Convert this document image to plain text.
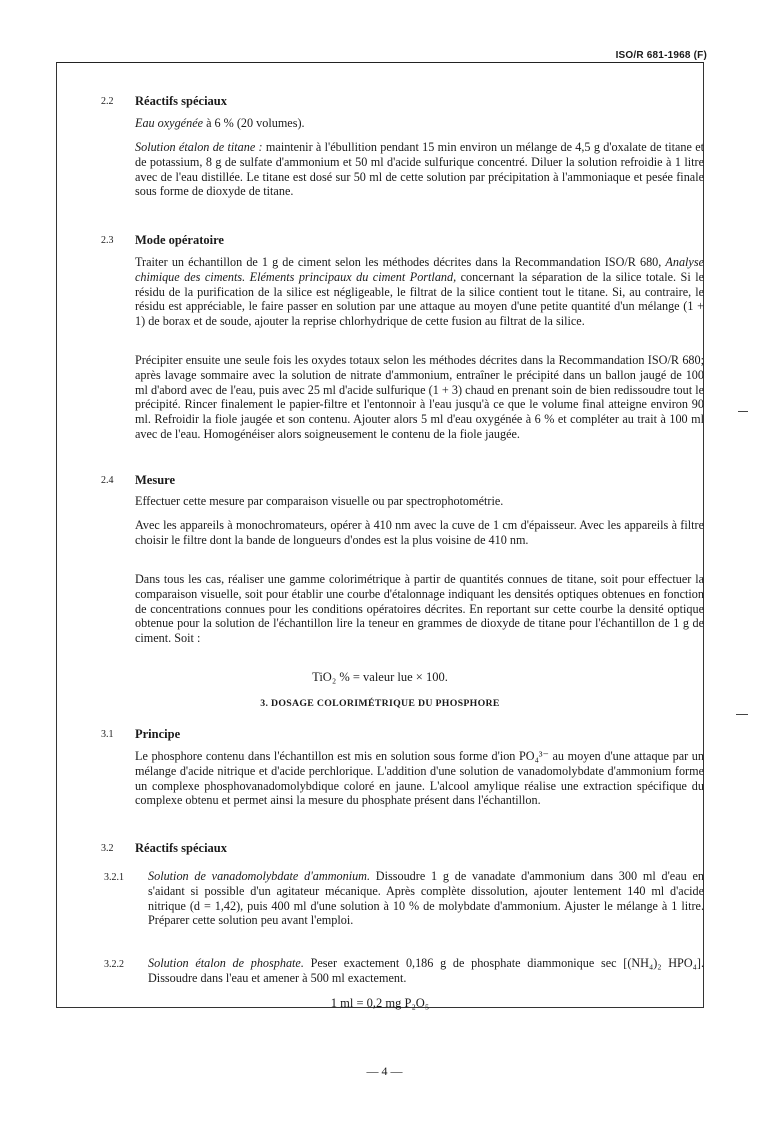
ISO/R 681-1968 (F)
2.2	Réactifs spéciaux
Eau oxygénée à 6 % (20 volumes).
Solution étalon de titane : maintenir à l'ébullition pendant 15 min environ un mélange de 4,5 g d'oxalate de titane et de potassium, 8 g de sulfate d'ammonium et 50 ml d'acide sulfurique concentré. Diluer la solution refroidie à 1 litre avec de l'eau distillée. Le titane est dosé sur 50 ml de cette solution par précipitation à l'ammoniaque et pesée finale sous forme de dioxyde de titane.
2.3	Mode opératoire
Traiter un échantillon de 1 g de ciment selon les méthodes décrites dans la Recommandation ISO/R 680, Analyse chimique des ciments. Eléments principaux du ciment Portland, concernant la séparation de la silice totale. Si le résidu de la purification de la silice est négligeable, le filtrat de la silice contient tout le titane. Si, au contraire, le résidu est appréciable, le faire passer en solution par une attaque au moyen d'une petite quantité d'un mélange (1 + 1) de borax et de soude, ajouter la reprise chlorhydrique de cette fusion au filtrat de la silice.
Précipiter ensuite une seule fois les oxydes totaux selon les méthodes décrites dans la Recommandation ISO/R 680; après lavage sommaire avec la solution de nitrate d'ammonium, entraîner le précipité dans un ballon jaugé de 100 ml d'abord avec de l'eau, puis avec 25 ml d'acide sulfurique (1 + 3) chaud en prenant soin de bien redissoudre tout le précipité. Rincer finalement le papier-filtre et l'entonnoir à l'eau jusqu'à ce que le volume final atteigne environ 90 ml. Refroidir la fiole jaugée et son contenu. Ajouter alors 5 ml d'eau oxygénée à 6 % et compléter au trait à 100 ml avec de l'eau. Homogénéiser alors soigneusement le contenu de la fiole jaugée.
2.4	Mesure
Effectuer cette mesure par comparaison visuelle ou par spectrophotométrie.
Avec les appareils à monochromateurs, opérer à 410 nm avec la cuve de 1 cm d'épaisseur. Avec les appareils à filtre choisir le filtre dont la bande de longueurs d'ondes est la plus voisine de 410 nm.
Dans tous les cas, réaliser une gamme colorimétrique à partir de quantités connues de titane, soit pour effectuer la comparaison visuelle, soit pour établir une courbe d'étalonnage indiquant les densités optiques obtenues en fonction de concentrations connues pour les conditions opératoires décrites. En reportant sur cette courbe la densité optique obtenue pour la solution de l'échantillon lire la teneur en grammes de dioxyde de titane pour l'échantillon de 1 g de ciment. Soit :
TiO₂ % = valeur lue × 100.
3. DOSAGE COLORIMÉTRIQUE DU PHOSPHORE
3.1	Principe
Le phosphore contenu dans l'échantillon est mis en solution sous forme d'ion PO₄³⁻ au moyen d'une attaque par un mélange d'acide nitrique et d'acide perchlorique. L'addition d'une solution de vanadomolybdate d'ammonium forme un complexe phosphovanadomolybdique coloré en jaune. L'alcool amylique réalise une extraction spécifique du complexe obtenu et permet ainsi la mesure du phosphate présent dans l'échantillon.
3.2	Réactifs spéciaux
3.2.1	Solution de vanadomolybdate d'ammonium. Dissoudre 1 g de vanadate d'ammonium dans 300 ml d'eau en s'aidant si possible d'un agitateur mécanique. Après complète dissolution, ajouter lentement 140 ml d'acide nitrique (d = 1,42), puis 400 ml d'une solution à 10 % de molybdate d'ammonium. Ajuster le mélange à 1 litre. Préparer cette solution peu avant l'emploi.
3.2.2	Solution étalon de phosphate. Peser exactement 0,186 g de phosphate diammonique sec [(NH₄)₂ HPO₄]. Dissoudre dans l'eau et amener à 500 ml exactement.
1 ml = 0,2 mg P₂O₅
— 4 —
